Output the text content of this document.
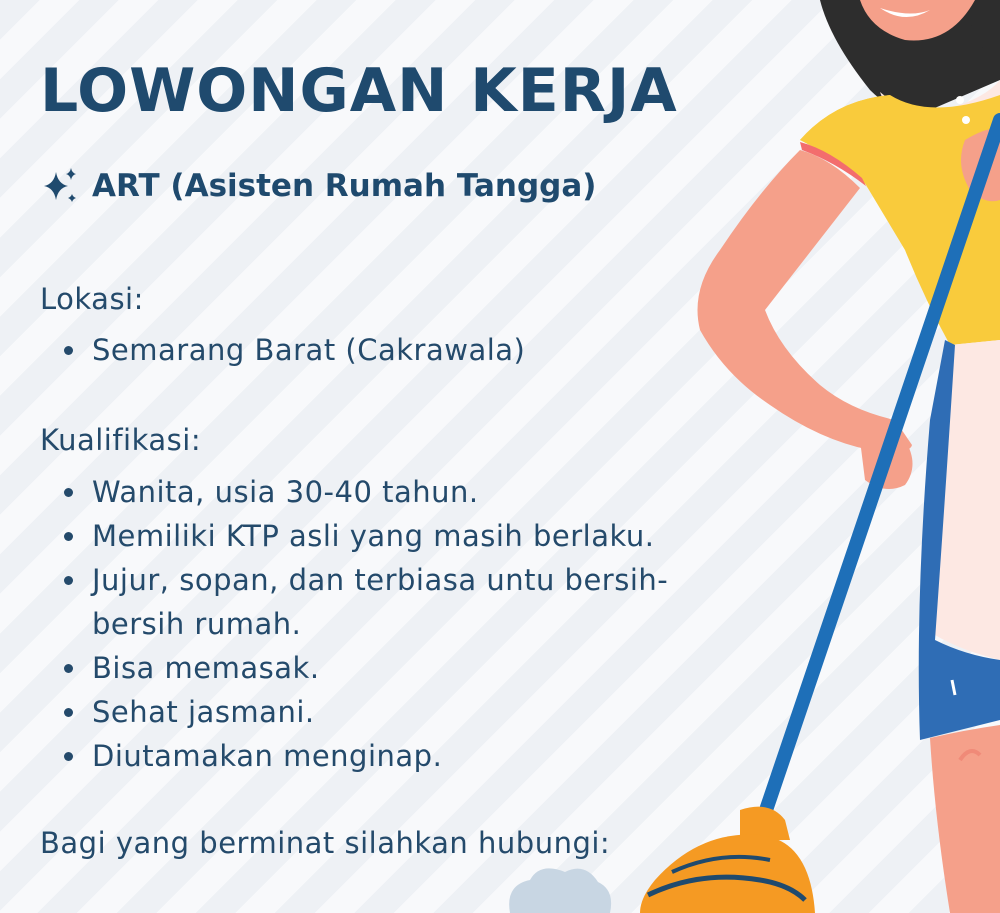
LOWONGAN KERJA
ART (Asisten Rumah Tangga)
Lokasi:
Semarang Barat (Cakrawala)
Kualifikasi:
Wanita, usia 30-40 tahun.
Memiliki KTP asli yang masih berlaku.
Jujur, sopan, dan terbiasa untu bersih-bersih rumah.
Bisa memasak.
Sehat jasmani.
Diutamakan menginap.
Bagi yang berminat silahkan hubungi:
